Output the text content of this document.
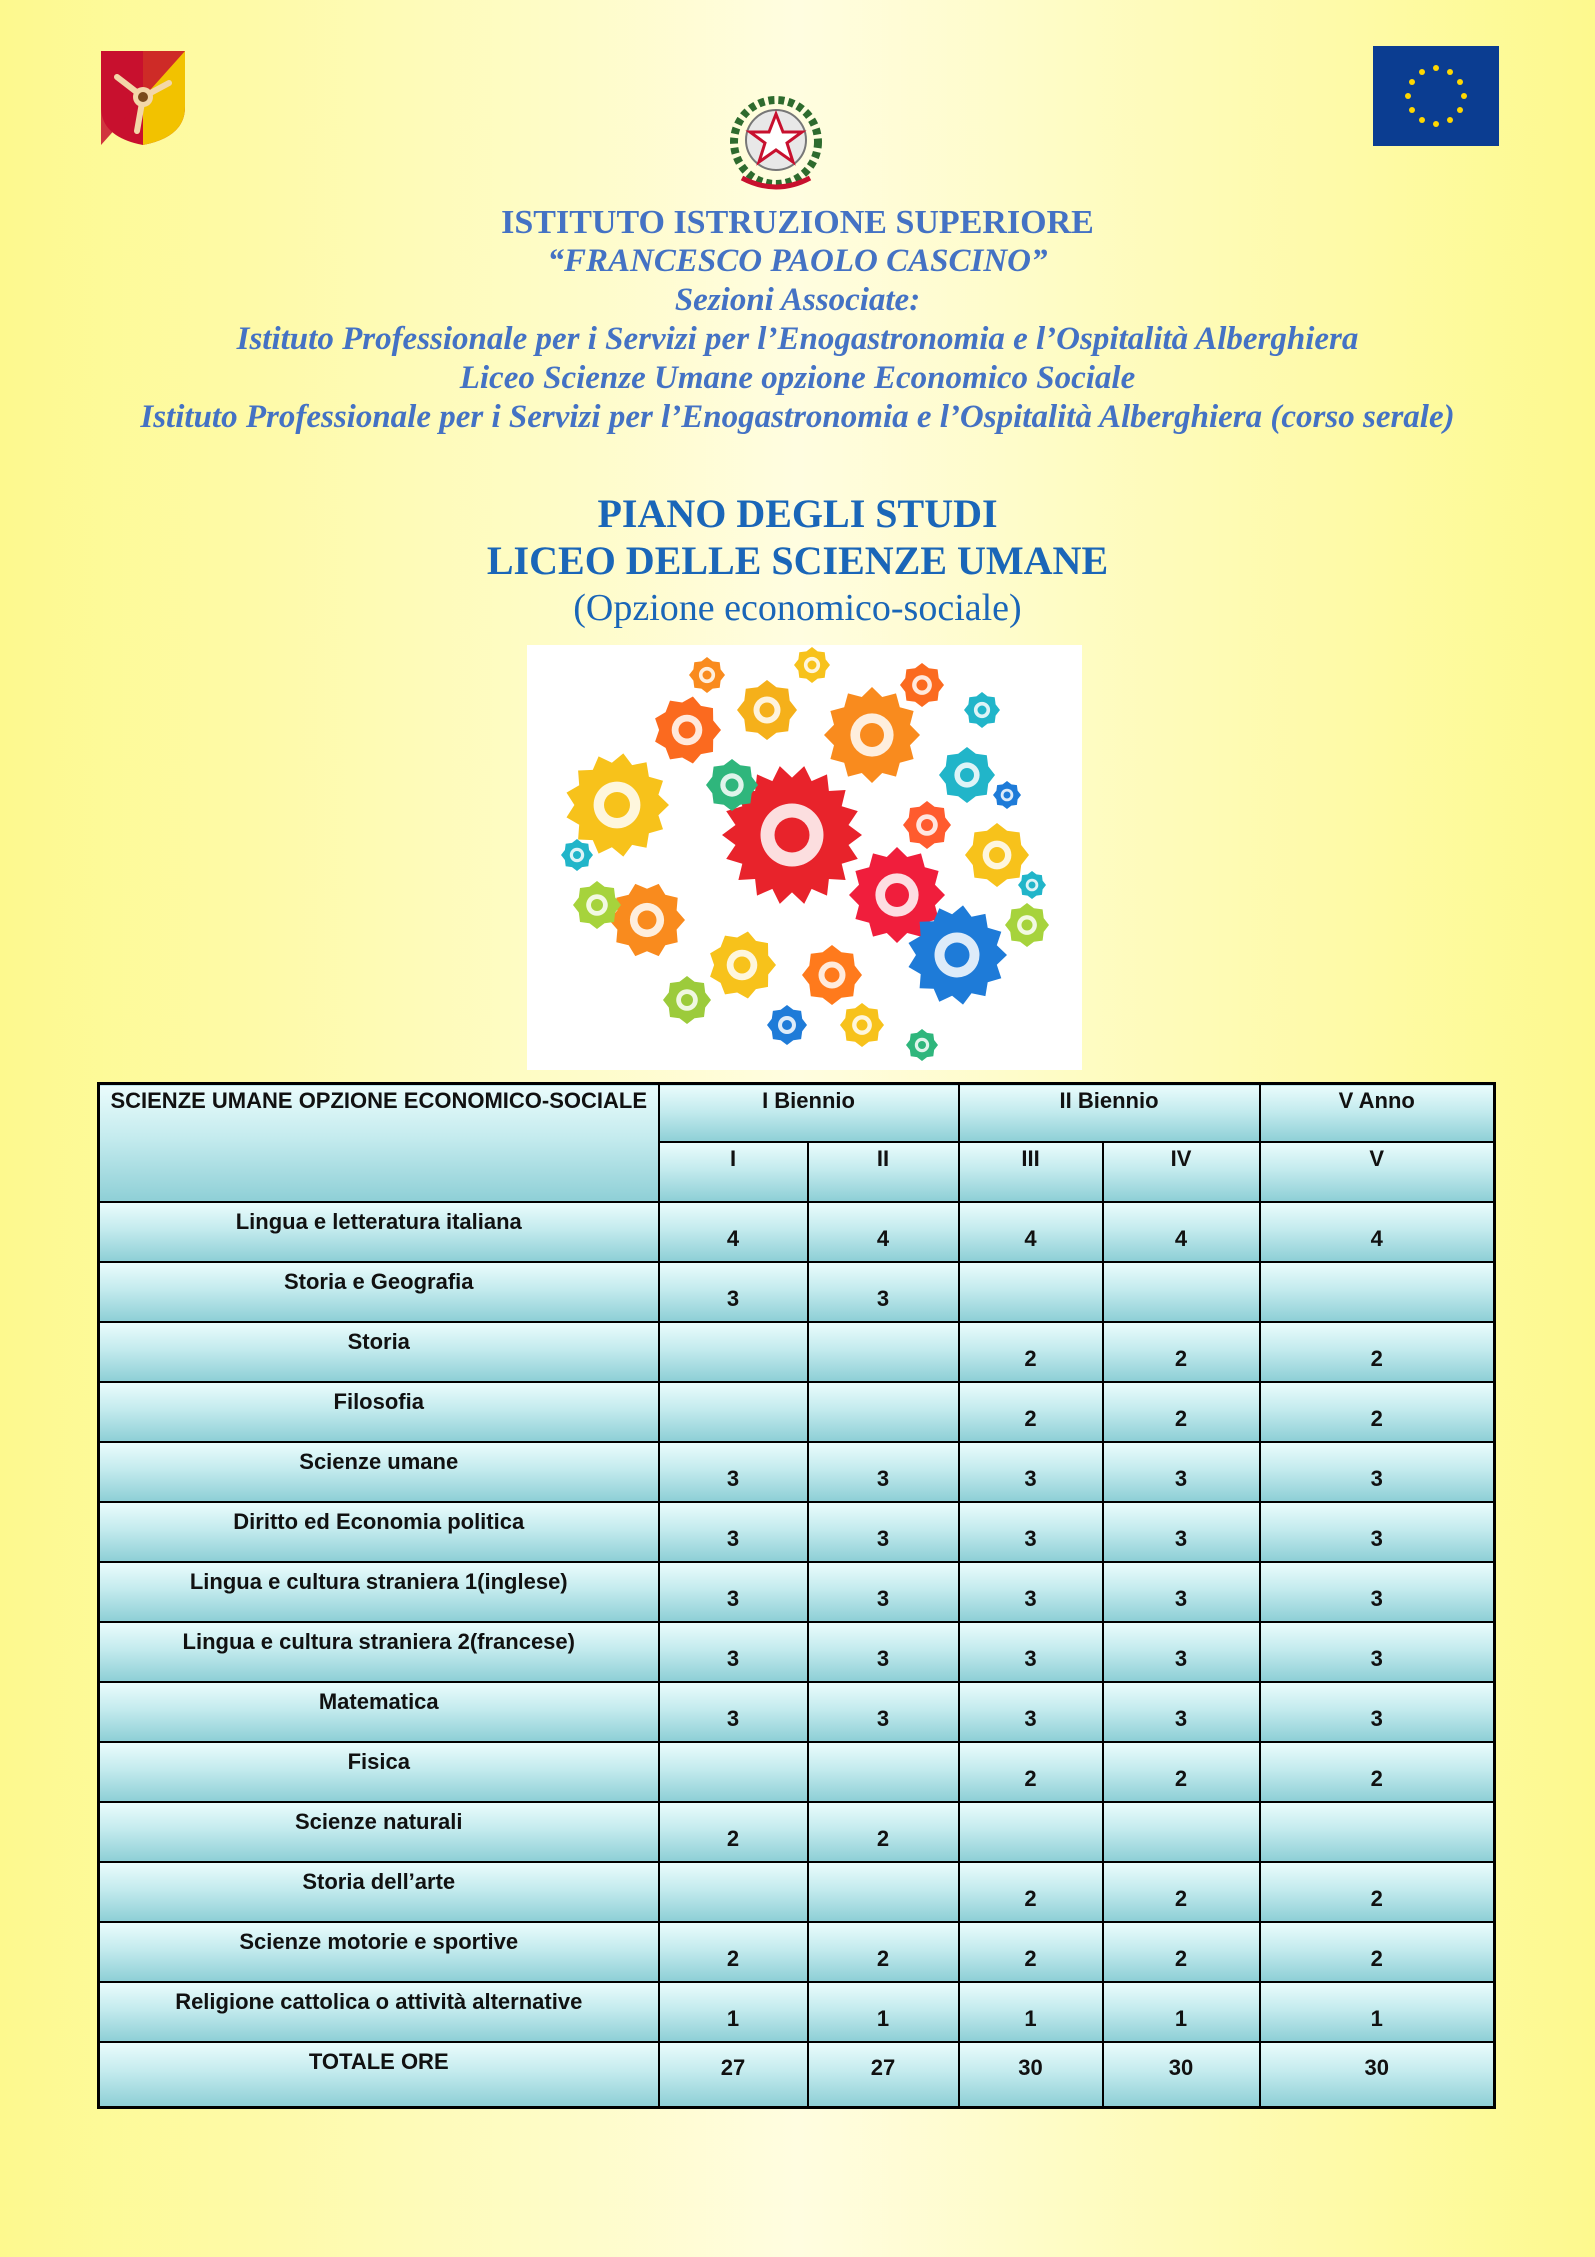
ISTITUTO ISTRUZIONE SUPERIORE
“FRANCESCO PAOLO CASCINO”
Sezioni Associate:
Istituto Professionale per i Servizi per l’Enogastronomia e l’Ospitalità Alberghiera
Liceo Scienze Umane opzione Economico Sociale
Istituto Professionale per i Servizi per l’Enogastronomia e l’Ospitalità Alberghiera (corso serale)
PIANO DEGLI STUDI
LICEO DELLE SCIENZE UMANE
(Opzione economico-sociale)
SCIENZE UMANE OPZIONE ECONOMICO-SOCIALE	I Biennio		II Biennio		V Anno
	I	II	III	IV	V
Lingua e letteratura italiana	4	4	4	4	4
Storia e Geografia	3	3			
Storia			2	2	2
Filosofia			2	2	2
Scienze umane	3	3	3	3	3
Diritto ed Economia politica	3	3	3	3	3
Lingua e cultura straniera 1(inglese)	3	3	3	3	3
Lingua e cultura straniera 2(francese)	3	3	3	3	3
Matematica	3	3	3	3	3
Fisica			2	2	2
Scienze naturali	2	2			
Storia dell’arte			2	2	2
Scienze motorie e sportive	2	2	2	2	2
Religione cattolica o attività alternative	1	1	1	1	1
TOTALE ORE	27	27	30	30	30
